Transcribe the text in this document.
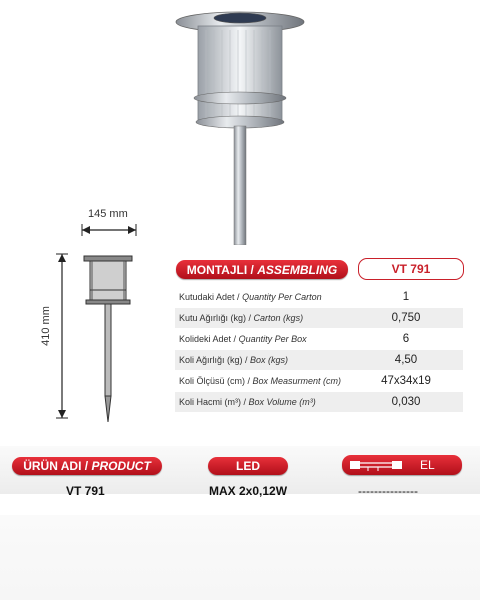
145 mm
410 mm
MONTAJLI / ASSEMBLING	VT 791
Kutudaki Adet / Quantity Per Carton	1
Kutu Ağırlığı (kg) / Carton (kgs)	0,750
Kolideki Adet / Quantity Per Box	6
Koli Ağırlığı (kg) / Box (kgs)	4,50
Koli Ölçüsü (cm) / Box Measurment (cm)	47x34x19
Koli Hacmi (m³) / Box Volume (m³)	0,030
ÜRÜN ADI / PRODUCT	LED	EL
VT 791	MAX 2x0,12W	---------------
